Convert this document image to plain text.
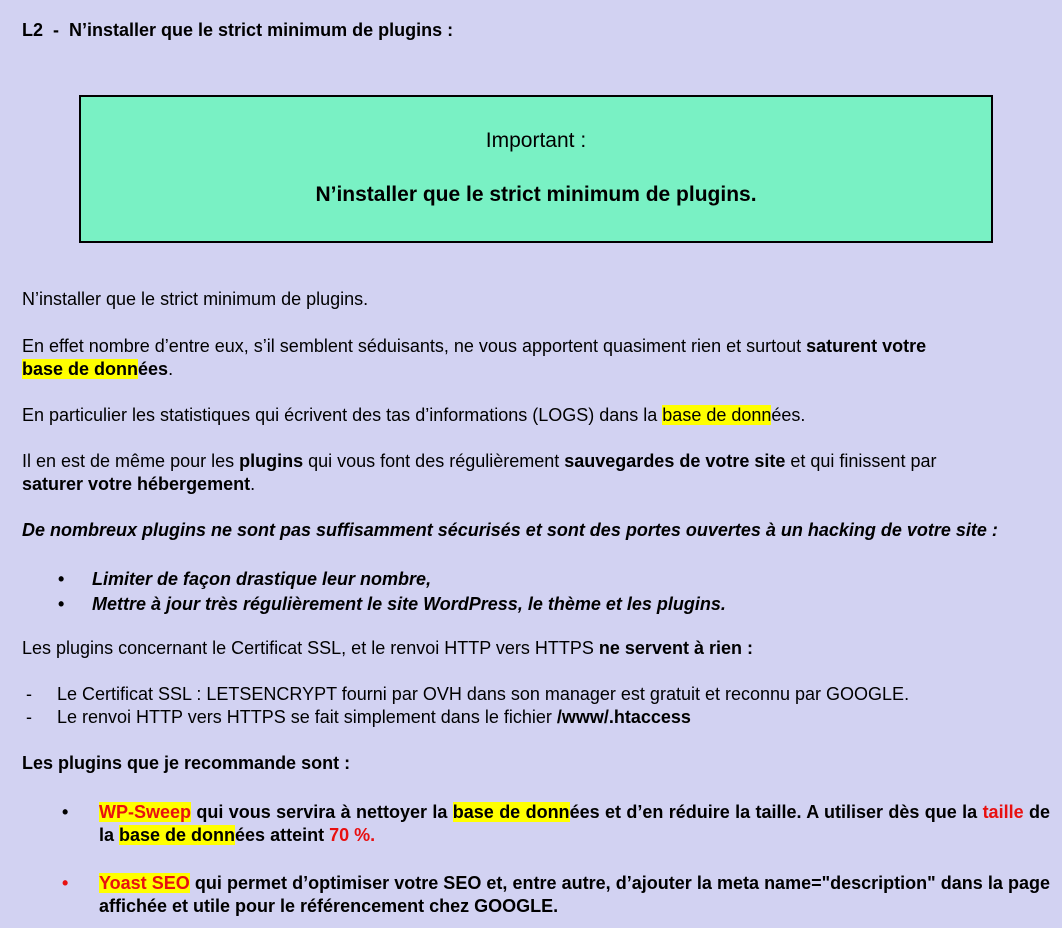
L2  -  N’installer que le strict minimum de plugins :
Important :
N’installer que le strict minimum de plugins.
N’installer que le strict minimum de plugins.
En effet nombre d’entre eux, s’il semblent séduisants, ne vous apportent quasiment rien et surtout saturent votre
base de données.
En particulier les statistiques qui écrivent des tas d’informations (LOGS) dans la base de données.
Il en est de même pour les plugins qui vous font des régulièrement sauvegardes de votre site et qui finissent par
saturer votre hébergement.
De nombreux plugins ne sont pas suffisamment sécurisés et sont des portes ouvertes à un hacking de votre site :
• Limiter de façon drastique leur nombre,
• Mettre à jour très régulièrement le site WordPress, le thème et les plugins.
Les plugins concernant le Certificat SSL, et le renvoi HTTP vers HTTPS ne servent à rien :
- Le Certificat SSL : LETSENCRYPT fourni par OVH dans son manager est gratuit et reconnu par GOOGLE.
- Le renvoi HTTP vers HTTPS se fait simplement dans le fichier /www/.htaccess
Les plugins que je recommande sont :
• WP-Sweep qui vous servira à nettoyer la base de données et d’en réduire la taille. A utiliser dès que la taille de la base de données atteint 70 %.
• Yoast SEO qui permet d’optimiser votre SEO et, entre autre, d’ajouter la meta name="description" dans la page affichée et utile pour le référencement chez GOOGLE.
